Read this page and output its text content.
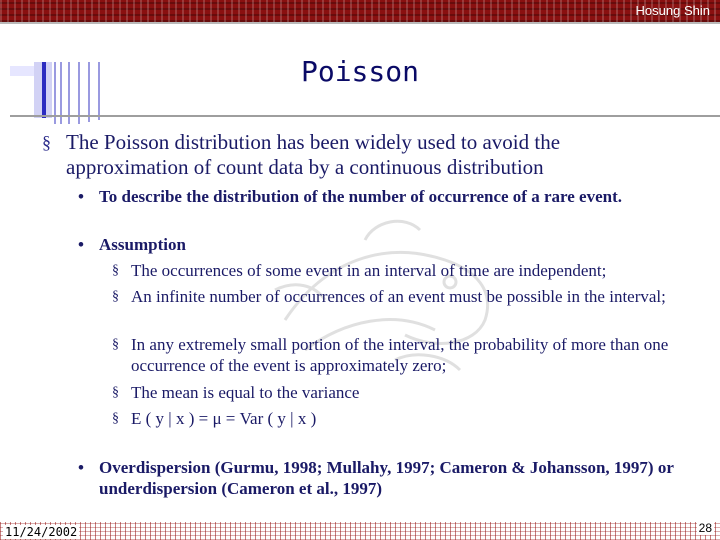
Hosung Shin
Poisson
§ The Poisson distribution has been widely used to avoid the approximation of count data by a continuous distribution
• To describe the distribution of the number of occurrence of a rare event.
• Assumption
§ The occurrences of some event in an interval of time are independent;
§ An infinite number of occurrences of an event must be possible in the interval;
§ In any extremely small portion of the interval, the probability of more than one occurrence of the event is approximately zero;
§ The mean is equal to the variance
§ E ( y | x ) = μ = Var ( y | x )
• Overdispersion (Gurmu, 1998; Mullahy, 1997; Cameron & Johansson, 1997) or underdispersion (Cameron et al., 1997)
11/24/2002	28
